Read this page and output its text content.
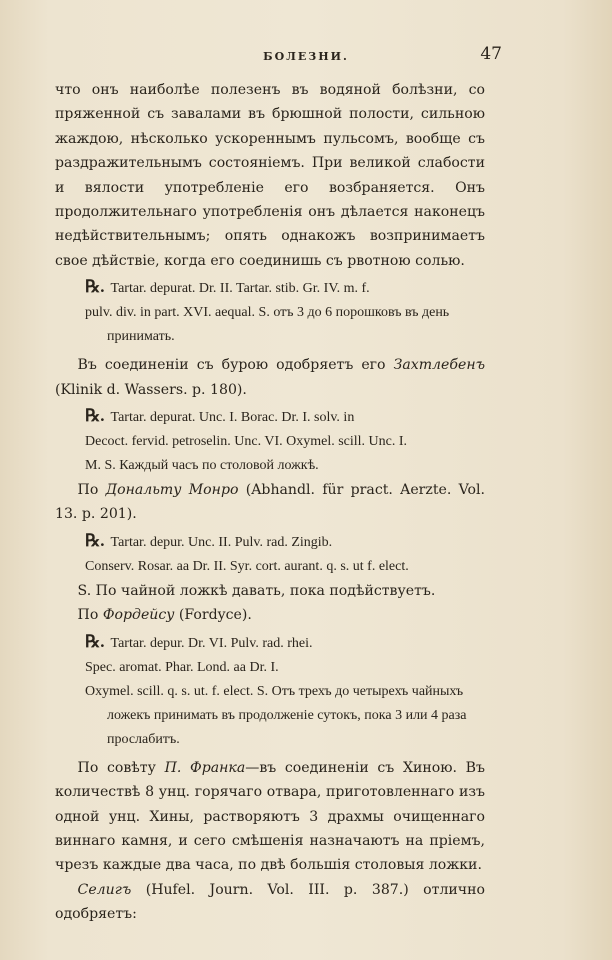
БОЛЕЗНИ.	47

что онъ наиболѣе полезенъ въ водяной болѣзни, со пряженной съ завалами въ брюшной полости, сильною жаждою, нѣсколько ускореннымъ пульсомъ, вообще съ раздражительнымъ состояніемъ. При великой слабости и вялости употребленіе его возбраняется. Онъ продолжительнаго употребленія онъ дѣлается наконецъ недѣйствительнымъ; опять однакожъ возпринимаетъ свое дѣйствіе, когда его соединишь съ рвотною солью.

℞. Tartar. depurat. Dr. II. Tartar. stib. Gr. IV. m. f.
pulv. div. in part. XVI. aequal. S. отъ 3 до 6 порошковъ въ день принимать.

Въ соединеніи съ бурою одобряетъ его Захтлебенъ (Klinik d. Wassers. p. 180).

℞. Tartar. depurat. Unc. I. Borac. Dr. I. solv. in
Decoct. fervid. petroselin. Unc. VI. Oxymel. scill. Unc. I.
M. S. Каждый часъ по столовой ложкѣ.

По Дональту Монро (Abhandl. für pract. Aerzte. Vol. 13. p. 201).

℞. Tartar. depur. Unc. II. Pulv. rad. Zingib.
Conserv. Rosar. aa Dr. II. Syr. cort. aurant. q. s. ut f. elect.

S. По чайной ложкѣ давать, пока подѣйствуетъ.

По Фордейсу (Fordyce).

℞. Tartar. depur. Dr. VI. Pulv. rad. rhei.
Spec. aromat. Phar. Lond. aa Dr. I.
Oxymel. scill. q. s. ut. f. elect. S. Отъ трехъ до четырехъ чайныхъ ложекъ принимать въ продолженіе сутокъ, пока 3 или 4 раза прослабитъ.

По совѣту П. Франка—въ соединеніи съ Хиною. Въ количествѣ 8 унц. горячаго отвара, приготовленнаго изъ одной унц. Хины, растворяютъ 3 драхмы очищеннаго виннаго камня, и сего смѣшенія назначаютъ на пріемъ, чрезъ каждые два часа, по двѣ большія столовыя ложки.

Селигъ (Hufel. Journ. Vol. III. p. 387.) отлично одобряетъ:
